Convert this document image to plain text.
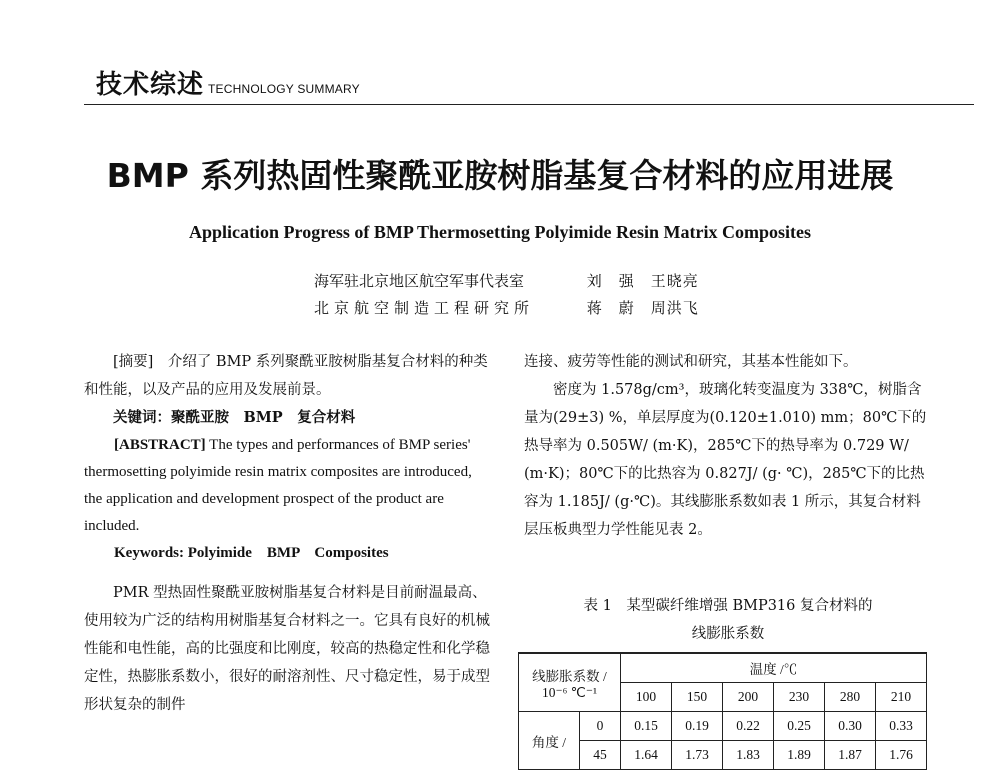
技术综述 TECHNOLOGY SUMMARY
BMP 系列热固性聚酰亚胺树脂基复合材料的应用进展
Application Progress of BMP Thermosetting Polyimide Resin Matrix Composites
海军驻北京地区航空军事代表室	刘　强　王晓亮
北京航空制造工程研究所	蒋　蔚　周洪飞

[摘要]　介绍了 BMP 系列聚酰亚胺树脂基复合材料的种类和性能，以及产品的应用及发展前景。

关键词：聚酰亚胺　BMP　复合材料

[ABSTRACT] The types and performances of BMP series' thermosetting polyimide resin matrix composites are introduced, the application and development prospect of the product are included.

Keywords: Polyimide　BMP　Composites

PMR 型热固性聚酰亚胺树脂基复合材料是目前耐温最高、使用较为广泛的结构用树脂基复合材料之一。它具有良好的机械性能和电性能，高的比强度和比刚度，较高的热稳定性和化学稳定性，热膨胀系数小，很好的耐溶剂性、尺寸稳定性，易于成型形状复杂的制件

连接、疲劳等性能的测试和研究，其基本性能如下。

密度为 1.578g/cm³，玻璃化转变温度为 338℃，树脂含量为(29±3) %，单层厚度为(0.120±1.010) mm；80℃下的热导率为 0.505W/ (m·K)，285℃下的热导率为 0.729 W/ (m·K)；80℃下的比热容为 0.827J/ (g· ℃)，285℃下的比热容为 1.185J/ (g·℃)。其线膨胀系数如表 1 所示，其复合材料层压板典型力学性能见表 2。

表 1　某型碳纤维增强 BMP316 复合材料的
线膨胀系数
线膨胀系数 /
10⁻⁶ ℃⁻¹		温度 /℃					
		100	150	200	230	280	210
角度 /	0	0.15	0.19	0.22	0.25	0.30	0.33
	45	1.64	1.73	1.83	1.89	1.87	1.76
